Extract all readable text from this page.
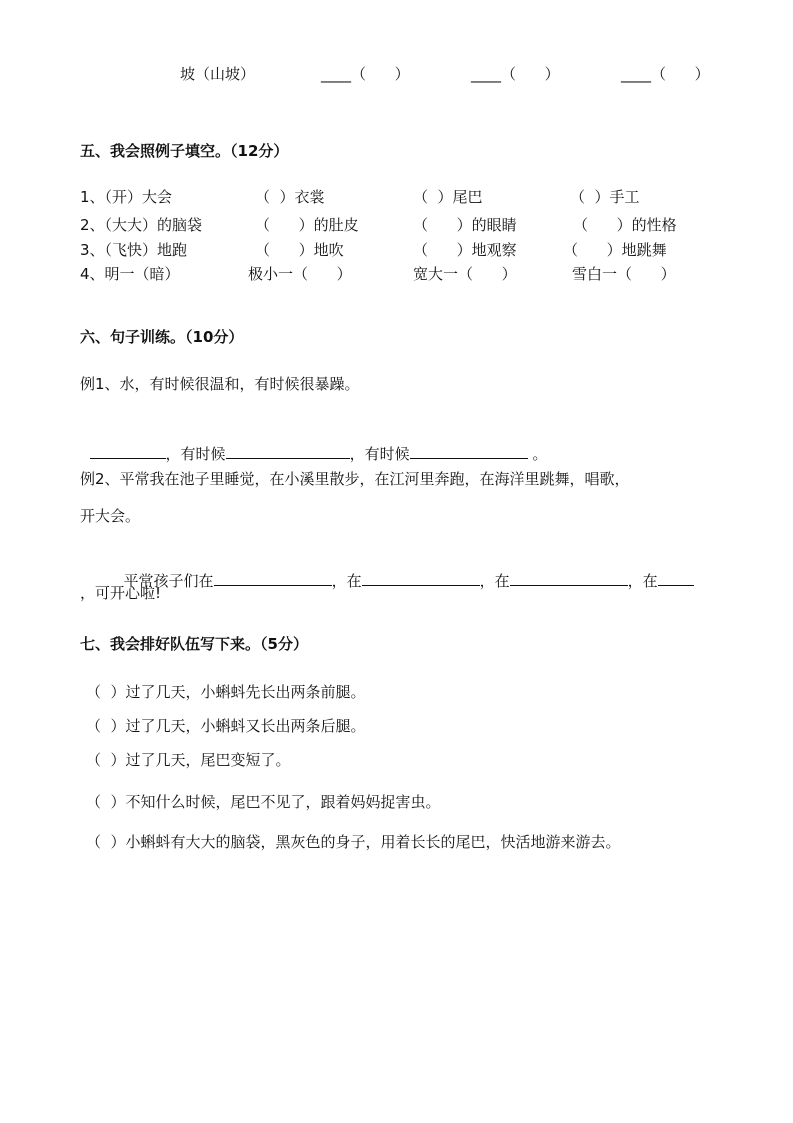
坡（山坡）	____（      ）	____（      ）	____（      ）
五、我会照例子填空。（12分）
1、（开）大会	（  ）衣裳	（  ）尾巴	（  ）手工
2、（大大）的脑袋	（      ）的肚皮	（      ）的眼睛	（      ）的性格
3、（飞快）地跑	（      ）地吹	（      ）地观察	（      ）地跳舞
4、明一（暗）	极小一（      ）	宽大一（      ）	雪白一（      ）
六、句子训练。（10分）
例1、水，有时候很温和，有时候很暴躁。

，有时候	，有时候	。

例2、平常我在池子里睡觉，在小溪里散步，在江河里奔跑，在海洋里跳舞，唱歌，
开大会。

平常孩子们在	，在	，在	，在

，可开心啦!
七、我会排好队伍写下来。（5分）
（  ）过了几天，小蝌蚪先长出两条前腿。
（  ）过了几天，小蝌蚪又长出两条后腿。
（  ）过了几天，尾巴变短了。
（  ）不知什么时候，尾巴不见了，跟着妈妈捉害虫。
（  ）小蝌蚪有大大的脑袋，黑灰色的身子，用着长长的尾巴，快活地游来游去。
